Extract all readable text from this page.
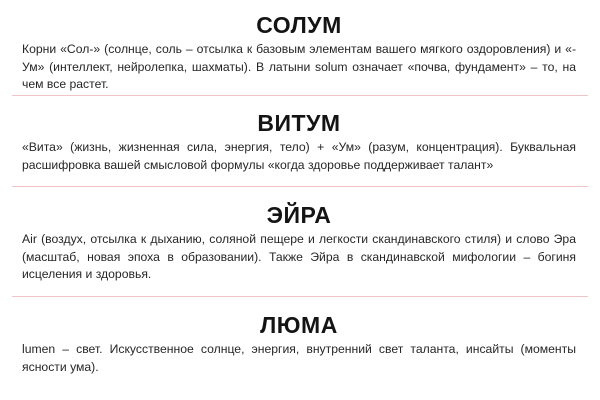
СОЛУМ

Корни «Сол-» (солнце, соль – отсылка к базовым элементам вашего мягкого оздоровления) и «-Ум» (интеллект, нейролепка, шахматы). В латыни solum означает «почва, фундамент» – то, на чем все растет.

ВИТУМ

«Вита» (жизнь, жизненная сила, энергия, тело) + «Ум» (разум, концентрация). Буквальная расшифровка вашей смысловой формулы «когда здоровье поддерживает талант»

ЭЙРА

Air (воздух, отсылка к дыханию, соляной пещере и легкости скандинавского стиля) и слово Эра (масштаб, новая эпоха в образовании). Также Эйра в скандинавской мифологии – богиня исцеления и здоровья.

ЛЮМА

lumen – свет. Искусственное солнце, энергия, внутренний свет таланта, инсайты (моменты ясности ума).
